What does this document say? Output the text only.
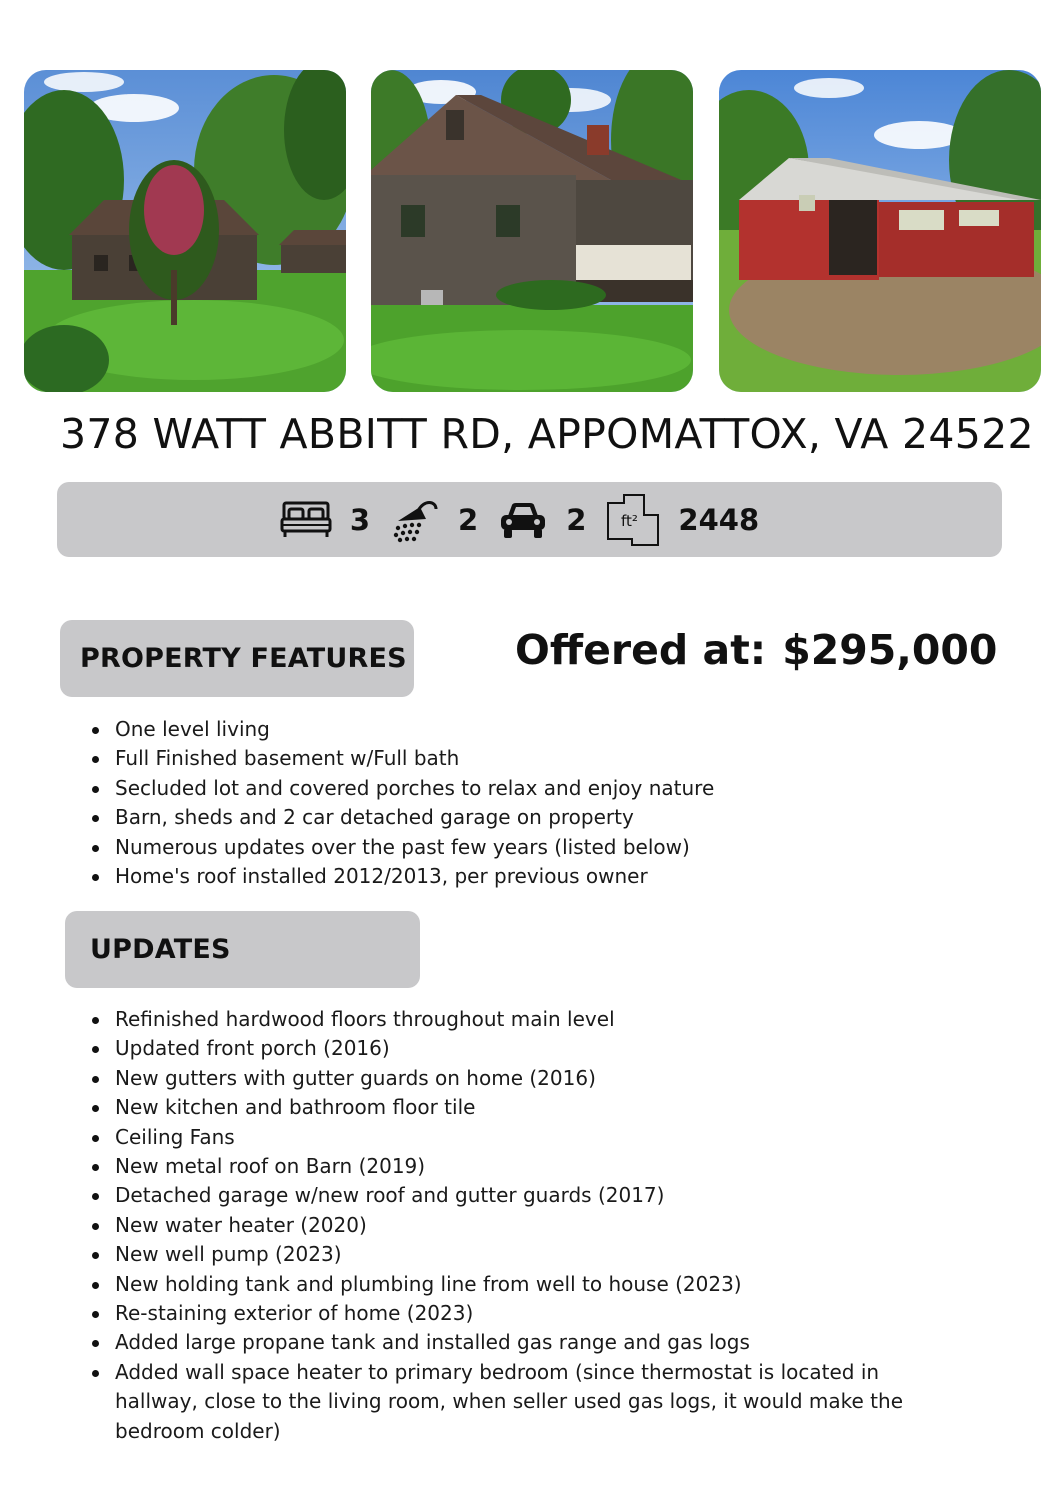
378 WATT ABBITT RD, APPOMATTOX, VA 24522
3	2	2 ft² 2448
PROPERTY FEATURES	Offered at: $295,000

One level living
Full Finished basement w/Full bath
Secluded lot and covered porches to relax and enjoy nature
Barn, sheds and 2 car detached garage on property
Numerous updates over the past few years (listed below)
Home's roof installed 2012/2013, per previous owner
UPDATES
Refinished hardwood floors throughout main level
Updated front porch (2016)
New gutters with gutter guards on home (2016)
New kitchen and bathroom floor tile
Ceiling Fans
New metal roof on Barn (2019)
Detached garage w/new roof and gutter guards (2017)
New water heater (2020)
New well pump (2023)
New holding tank and plumbing line from well to house (2023)
Re-staining exterior of home (2023)
Added large propane tank and installed gas range and gas logs
Added wall space heater to primary bedroom (since thermostat is located in hallway, close to the living room, when seller used gas logs, it would make the bedroom colder)
